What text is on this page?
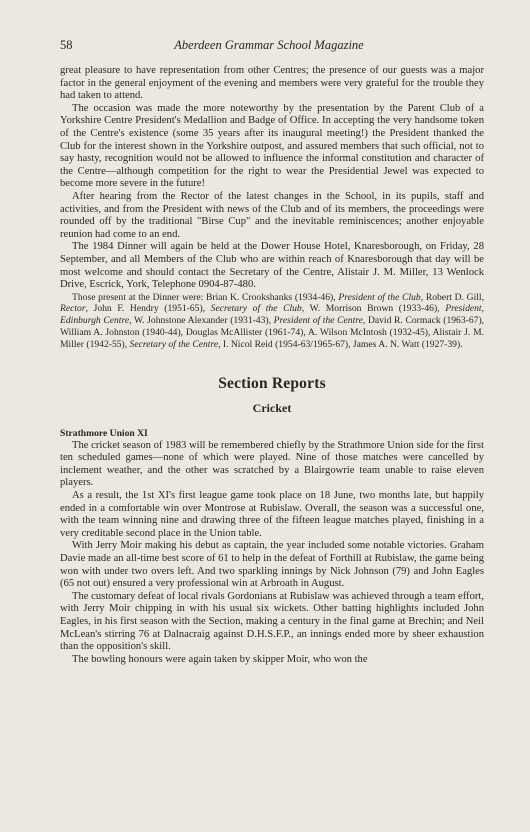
58	Aberdeen Grammar School Magazine

great pleasure to have representation from other Centres; the presence of our guests was a major factor in the general enjoyment of the evening and members were very grateful for the trouble they had taken to attend.

The occasion was made the more noteworthy by the presentation by the Parent Club of a Yorkshire Centre President's Medallion and Badge of Office. In accepting the very handsome token of the Centre's existence (some 35 years after its inaugural meeting!) the President thanked the Club for the interest shown in the Yorkshire outpost, and assured members that such official, not to say hasty, recognition would not be allowed to influence the informal constitution and character of the Centre—although competition for the right to wear the Presidential Jewel was expected to become more severe in the future!

After hearing from the Rector of the latest changes in the School, in its pupils, staff and activities, and from the President with news of the Club and of its members, the proceedings were rounded off by the traditional "Birse Cup" and the inevitable reminiscences; another enjoyable reunion had come to an end.

The 1984 Dinner will again be held at the Dower House Hotel, Knaresborough, on Friday, 28 September, and all Members of the Club who are within reach of Knaresborough that day will be most welcome and should contact the Secretary of the Centre, Alistair J. M. Miller, 13 Wenlock Drive, Escrick, York, Telephone 0904-87-480.

Those present at the Dinner were: Brian K. Crookshanks (1934-46), President of the Club, Robert D. Gill, Rector, John F. Hendry (1951-65), Secretary of the Club, W. Morrison Brown (1933-46), President, Edinburgh Centre, W. Johnstone Alexander (1931-43), President of the Centre, David R. Cormack (1963-67), William A. Johnston (1940-44), Douglas McAllister (1961-74), A. Wilson McIntosh (1932-45), Alistair J. M. Miller (1942-55), Secretary of the Centre, I. Nicol Reid (1954-63/1965-67), James A. N. Watt (1927-39).

Section Reports
Cricket
Strathmore Union XI

The cricket season of 1983 will be remembered chiefly by the Strathmore Union side for the first ten scheduled games—none of which were played. Nine of those matches were cancelled by inclement weather, and the other was scratched by a Blairgowrie team unable to raise eleven players.

As a result, the 1st XI's first league game took place on 18 June, two months late, but happily ended in a comfortable win over Montrose at Rubislaw. Overall, the season was a successful one, with the team winning nine and drawing three of the fifteen league matches played, finishing in a very creditable second place in the Union table.

With Jerry Moir making his debut as captain, the year included some notable victories. Graham Davie made an all-time best score of 61 to help in the defeat of Forthill at Rubislaw, the game being won with under two overs left. And two sparkling innings by Nick Johnson (79) and John Eagles (65 not out) ensured a very professional win at Arbroath in August.

The customary defeat of local rivals Gordonians at Rubislaw was achieved through a team effort, with Jerry Moir chipping in with his usual six wickets. Other batting highlights included John Eagles, in his first season with the Section, making a century in the final game at Brechin; and Neil McLean's stirring 76 at Dalnacraig against D.H.S.F.P., an innings ended more by sheer exhaustion than the opposition's skill.

The bowling honours were again taken by skipper Moir, who won the
